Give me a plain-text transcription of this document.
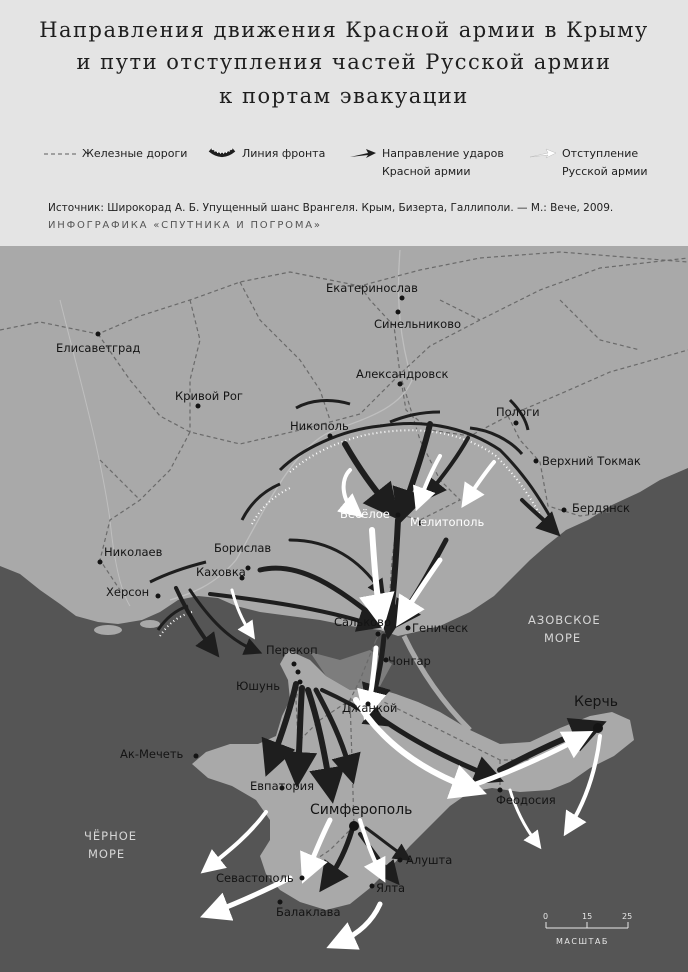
Направления движения Красной армии в Крыму
и пути отступления частей Русской армии
к портам эвакуации
Железные дороги	Линия фронта	Направление ударов
Красной армии
Отступление
Русской армии
Источник: Широкорад А. Б. Упущенный шанс Врангеля. Крым, Бизерта, Галлиполи. — М.: Вече, 2009.
ИНФОГРАФИКА «СПУТНИКА И ПОГРОМА»
Екатеринослав
Синельниково
Елисаветград
Александровск
Кривой Рог
Пологи
Никополь
Верхний Токмак
Весёлое
Мелитополь
Бердянск
Николаев	Борислав
Каховка
Херсон
Сальково Геническ
Перекоп
Чонгар
Юшунь
Джанкой	Керчь
Ак-Мечеть
Евпатория
Симферополь
Феодосия
Алушта
Севастополь
Ялта
Балаклава
АЗОВСКОЕ
МОРЕ
ЧЁРНОЕ
МОРЕ
0	15	25
МАСШТАБ
